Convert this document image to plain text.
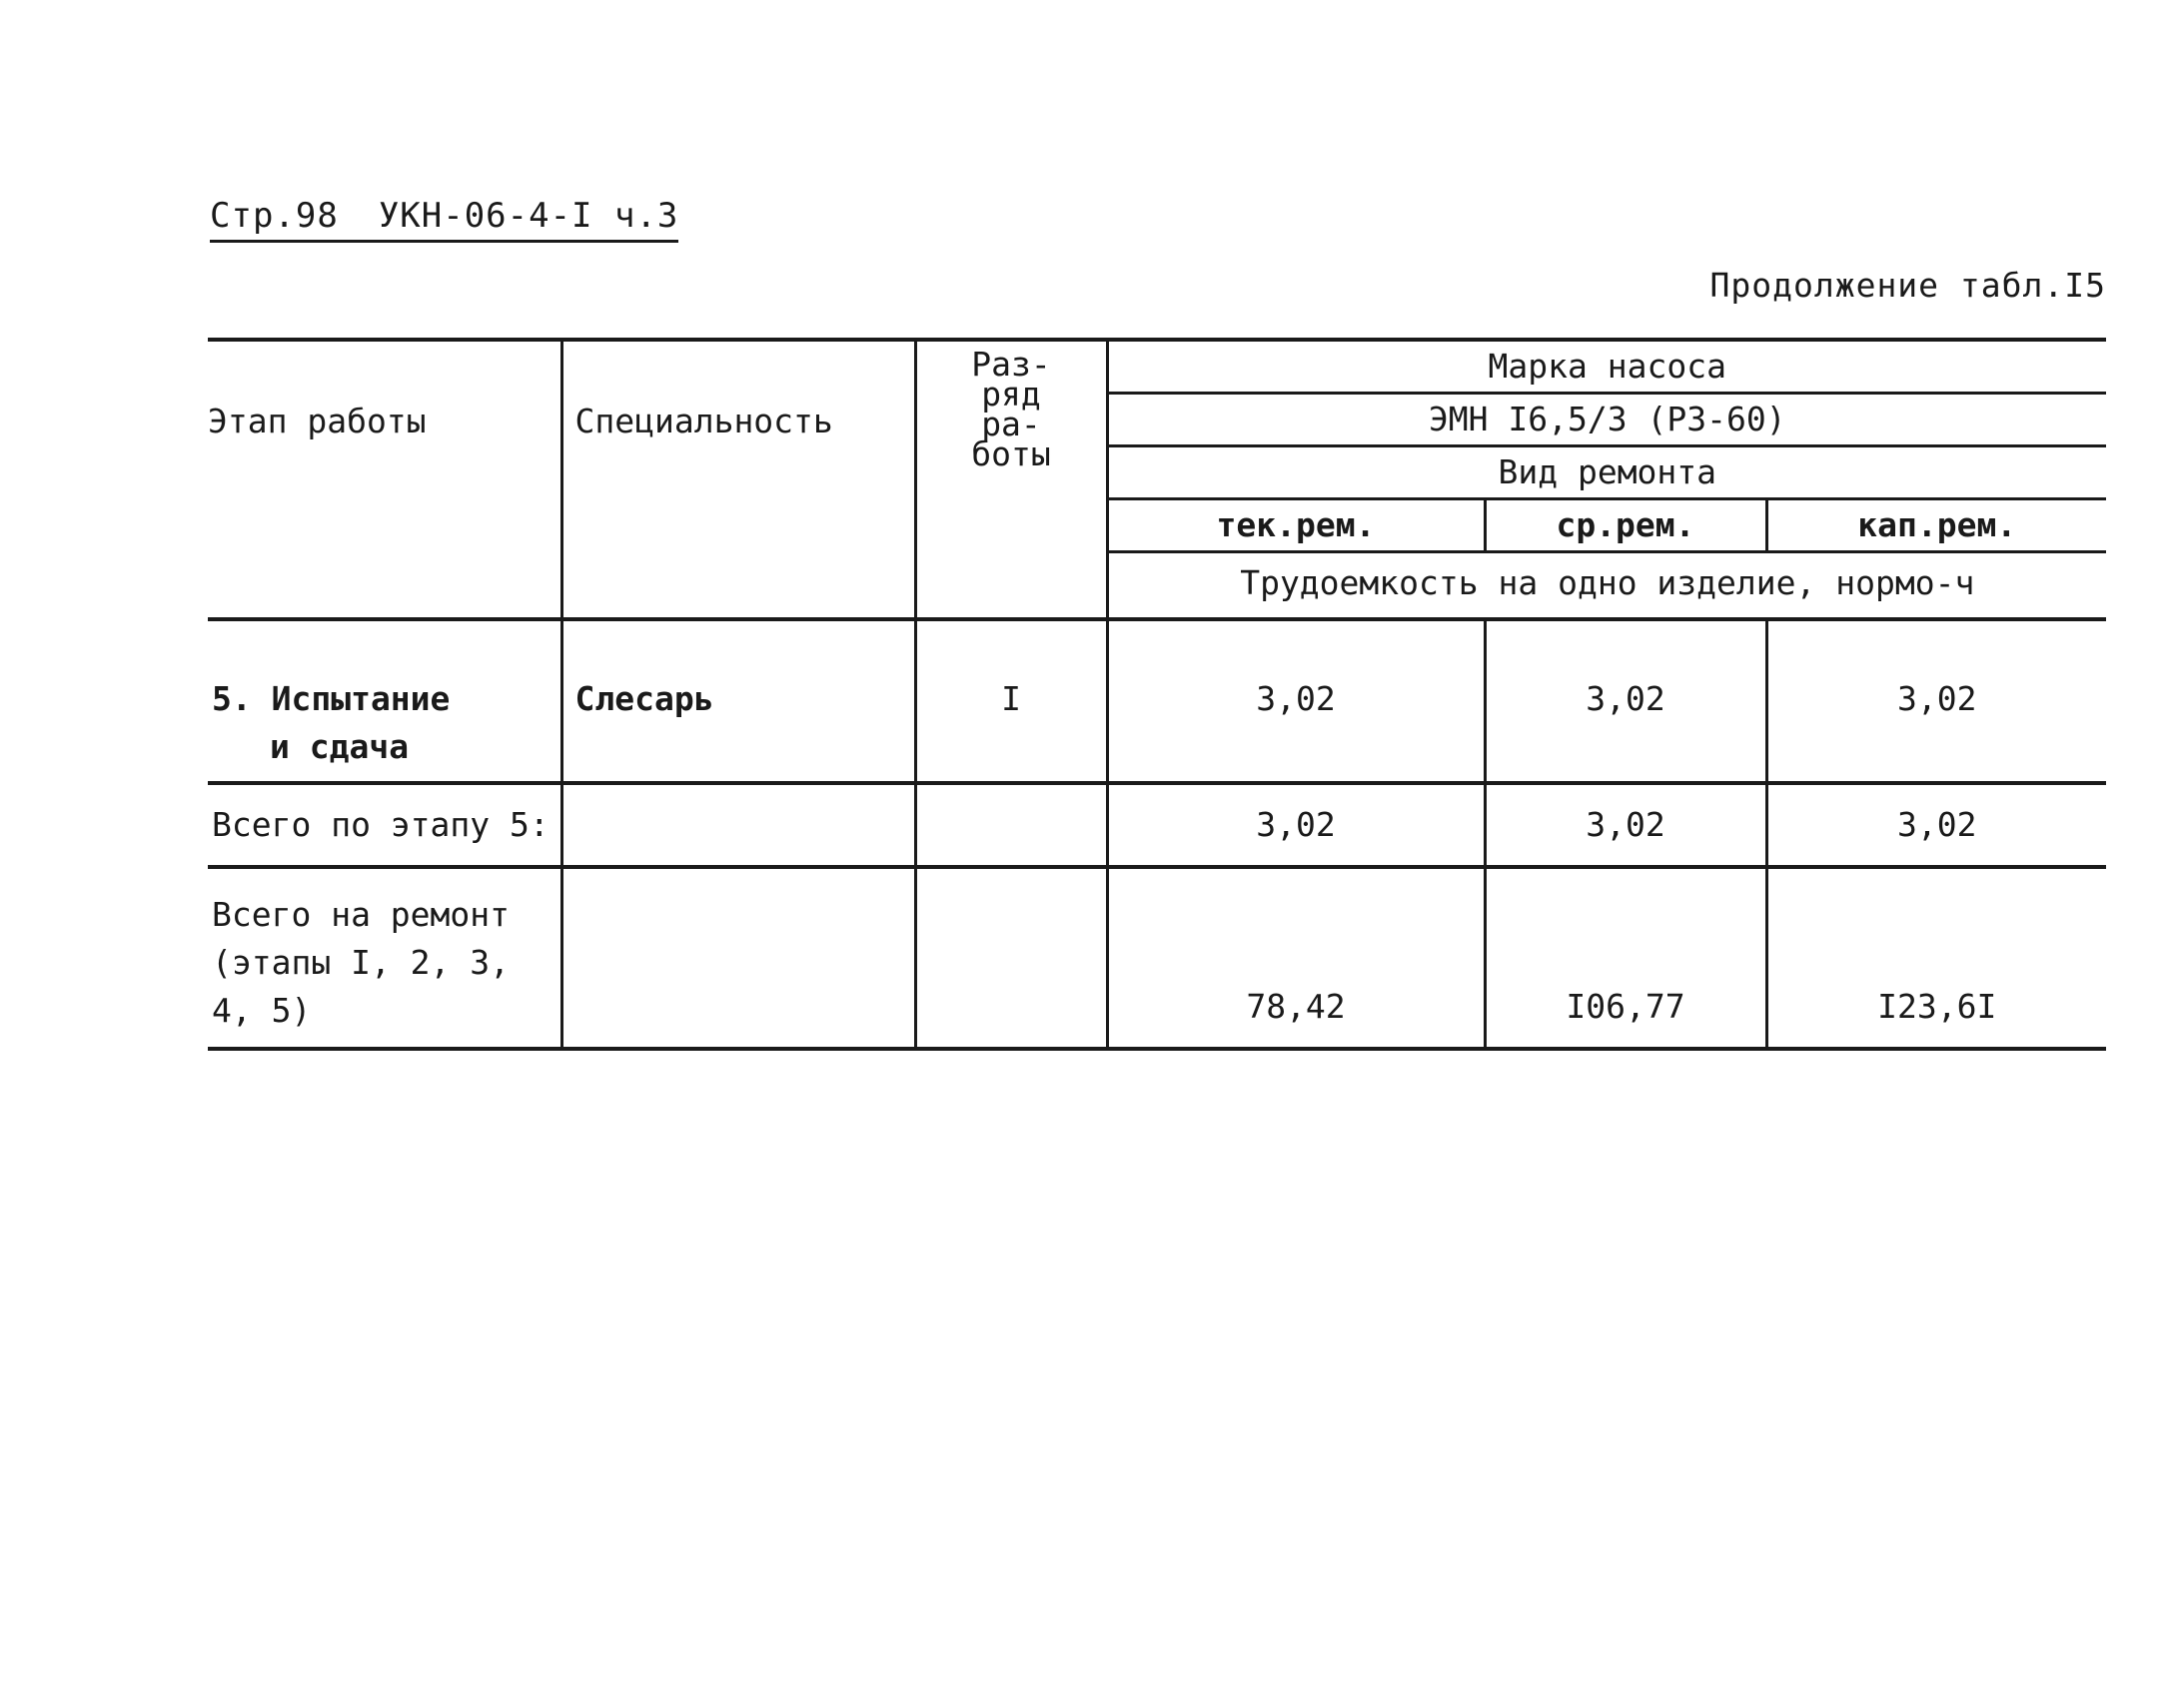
Стр.98 УКН-06-4-I ч.3
Продолжение табл.I5
Этап работы	Специальность	Раз-
ряд
ра-
боты	Марка насоса		
			ЭМН I6,5/3 (РЗ-60)		
			Вид ремонта		
			тек.рем.	ср.рем.	кап.рем.
			Трудоемкость на одно изделие, нормо-ч		

5. Испытание
и сдача	Слесарь	I	3,02	3,02	3,02

Всего по этапу 5:			3,02	3,02	3,02

Всего на ремонт
(этапы I, 2, 3,
4, 5)			78,42	I06,77	I23,6I
